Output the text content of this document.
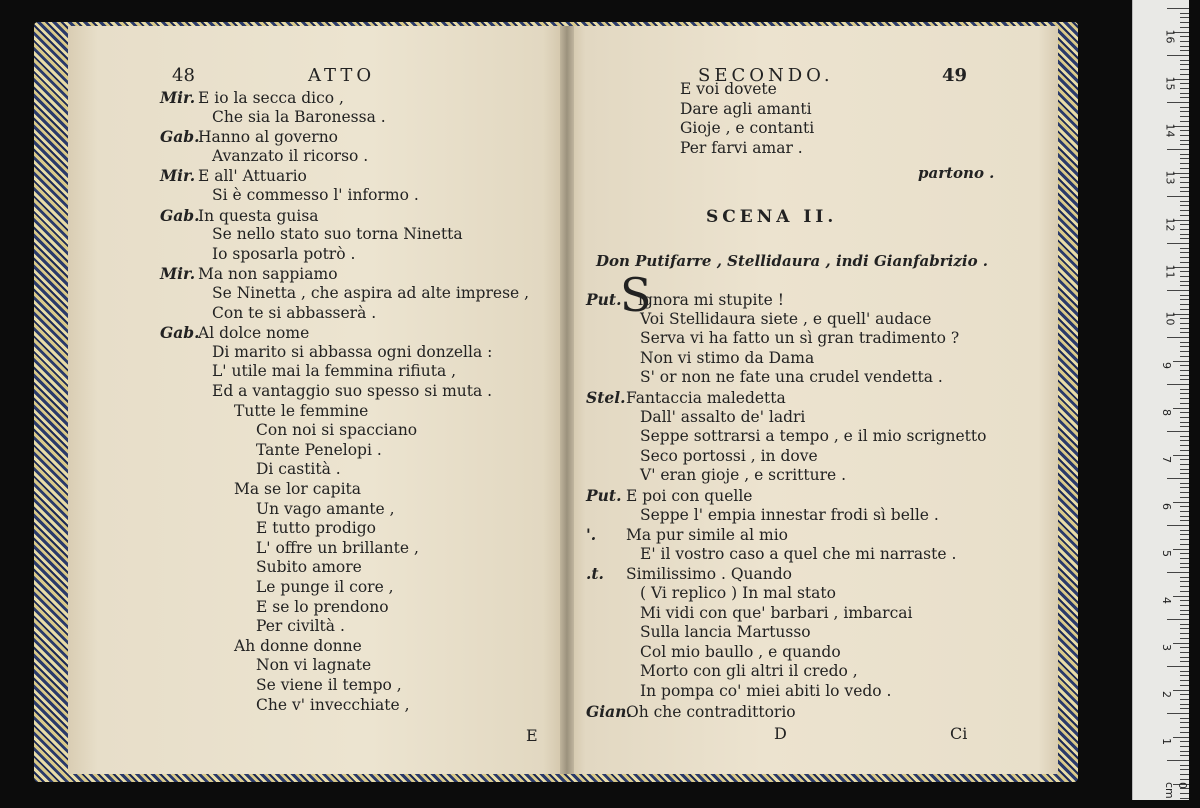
48	ATTO
Mir. E io la secca dico ,
Che sia la Baronessa .
Gab.Hanno al governo
Avanzato il ricorso .
Mir. E all' Attuario
Si è commesso l' informo .
Gab.In questa guisa
Se nello stato suo torna Ninetta
Io sposarla potrò .
Mir. Ma non sappiamo
Se Ninetta , che aspira ad alte imprese ,
Con te si abbasserà .
Gab.Al dolce nome
Di marito si abbassa ogni donzella :
L' utile mai la femmina rifiuta ,
Ed a vantaggio suo spesso si muta .
Tutte le femmine
Con noi si spacciano
Tante Penelopi .
Di castità .
Ma se lor capita
Un vago amante ,
E tutto prodigo
L' offre un brillante ,
Subito amore
Le punge il core ,
E se lo prendono
Per civiltà .
Ah donne donne
Non vi lagnate
Se viene il tempo ,
Che v' invecchiate ,
E
SECONDO.	49
E voi dovete
Dare agli amanti
Gioje , e contanti
Per farvi amar .
partono .
SCENA II.
Don Putifarre , Stellidaura , indi Gianfabrizio .
S
Put. ignora mi stupite !
Voi Stellidaura siete , e quell' audace
Serva vi ha fatto un sì gran tradimento ?
Non vi stimo da Dama
S' or non ne fate una crudel vendetta .
Stel.Fantaccia maledetta
Dall' assalto de' ladri
Seppe sottrarsi a tempo , e il mio scrignetto
Seco portossi , in dove
V' eran gioje , e scritture .
Put. E poi con quelle
Seppe l' empia innestar frodi sì belle .
'. Ma pur simile al mio
E' il vostro caso a quel che mi narraste .
.t. Similissimo . Quando
( Vi replico ) In mal stato
Mi vidi con que' barbari , imbarcai
Sulla lancia Martusso
Col mio baullo , e quando
Morto con gli altri il credo ,
In pompa co' miei abiti lo vedo .
Gian.Oh che contradittorio
D	Ci
16
15
14
13
12
11
10
9
8
7
6
5
4
3
2
1
0 cm
